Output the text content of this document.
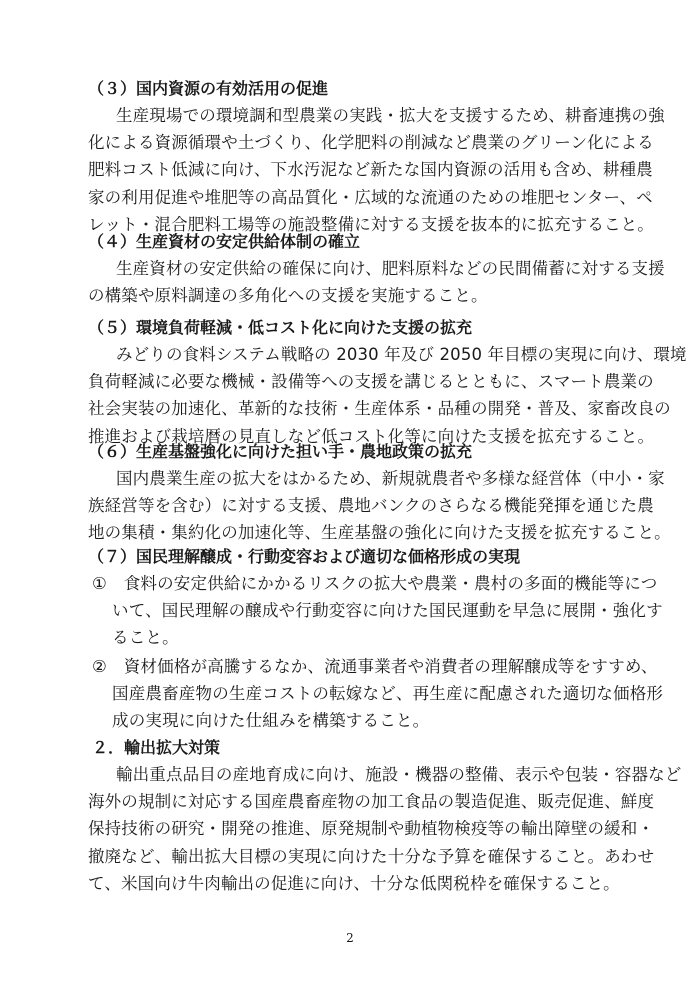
（３）国内資源の有効活用の促進
生産現場での環境調和型農業の実践・拡大を支援するため、耕畜連携の強
化による資源循環や土づくり、化学肥料の削減など農業のグリーン化による
肥料コスト低減に向け、下水汚泥など新たな国内資源の活用も含め、耕種農
家の利用促進や堆肥等の高品質化・広域的な流通のための堆肥センター、ペ
レット・混合肥料工場等の施設整備に対する支援を抜本的に拡充すること。
（４）生産資材の安定供給体制の確立
生産資材の安定供給の確保に向け、肥料原料などの民間備蓄に対する支援
の構築や原料調達の多角化への支援を実施すること。
（５）環境負荷軽減・低コスト化に向けた支援の拡充
みどりの食料システム戦略の 2030 年及び 2050 年目標の実現に向け、環境
負荷軽減に必要な機械・設備等への支援を講じるとともに、スマート農業の
社会実装の加速化、革新的な技術・生産体系・品種の開発・普及、家畜改良の
推進および栽培暦の見直しなど低コスト化等に向けた支援を拡充すること。
（６）生産基盤強化に向けた担い手・農地政策の拡充
国内農業生産の拡大をはかるため、新規就農者や多様な経営体（中小・家
族経営等を含む）に対する支援、農地バンクのさらなる機能発揮を通じた農
地の集積・集約化の加速化等、生産基盤の強化に向けた支援を拡充すること。
（７）国民理解醸成・行動変容および適切な価格形成の実現
①　食料の安定供給にかかるリスクの拡大や農業・農村の多面的機能等につ
いて、国民理解の醸成や行動変容に向けた国民運動を早急に展開・強化す
ること。
②　資材価格が高騰するなか、流通事業者や消費者の理解醸成等をすすめ、
国産農畜産物の生産コストの転嫁など、再生産に配慮された適切な価格形
成の実現に向けた仕組みを構築すること。
２．輸出拡大対策
輸出重点品目の産地育成に向け、施設・機器の整備、表示や包装・容器など
海外の規制に対応する国産農畜産物の加工食品の製造促進、販売促進、鮮度
保持技術の研究・開発の推進、原発規制や動植物検疫等の輸出障壁の緩和・
撤廃など、輸出拡大目標の実現に向けた十分な予算を確保すること。あわせ
て、米国向け牛肉輸出の促進に向け、十分な低関税枠を確保すること。
2
